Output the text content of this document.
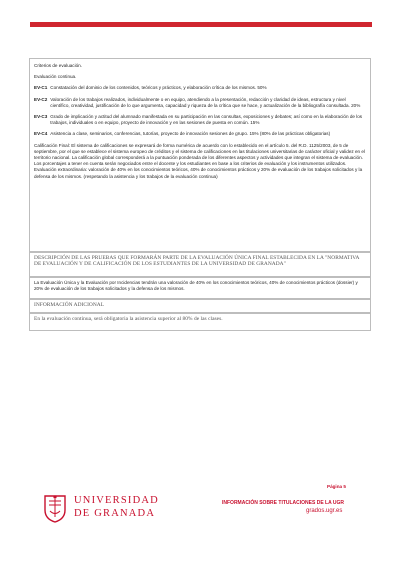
Criterios de evaluación.

Evaluación continua.

EV-C1 Constatación del dominio de los contenidos, teóricos y prácticos, y elaboración crítica de los mismos. 50%
EV-C2 Valoración de los trabajos realizados, individualmente o en equipo, atendiendo a la presentación, redacción y claridad de ideas, estructura y nivel científico, creatividad, justificación de lo que argumenta, capacidad y riqueza de la crítica que se hace, y actualización de la bibliografía consultada. 20%
EV-C3 Grado de implicación y actitud del alumnado manifestada en su participación en las consultas, exposiciones y debates; así como en la elaboración de los trabajos, individuales o en equipo, proyecto de innovación y en las sesiones de puesta en común. 15%
EV-C4 Asistencia a clase, seminarios, conferencias, tutorías, proyecto de innovación sesiones de grupo. 15% (80% de las prácticas obligatorias)

Calificación Final: El sistema de calificaciones se expresará de forma numérica de acuerdo con lo establecido en el artículo 5. del R.D. 1125/2003, de 5 de septiembre, por el que se establece el sistema europeo de créditos y el sistema de calificaciones en las titulaciones universitarias de carácter oficial y validez en el territorio nacional. La calificación global corresponderá a la puntuación ponderada de los diferentes aspectos y actividades que integran el sistema de evaluación. Los porcentajes a tener en cuenta serán negociados entre el docente y los estudiantes en base a los criterios de evaluación y los instrumentos utilizados.

Evaluación extraordinaria: valoración de 40% en los conocimientos teóricos, 40% de conocimientos prácticos y 20% de evaluación de los trabajos solicitados y la defensa de los mismos. (respetando la asistencia y los trabajos de la evaluación continua)

DESCRIPCIÓN DE LAS PRUEBAS QUE FORMARÁN PARTE DE LA EVALUACIÓN ÚNICA FINAL ESTABLECIDA EN LA "NORMATIVA DE EVALUACIÓN Y DE CALIFICACIÓN DE LOS ESTUDIANTES DE LA UNIVERSIDAD DE GRANADA"

La Evaluación Única y la Evaluación por Incidencias tendrán una valoración de 40% en los conocimientos teóricos, 40% de conocimientos prácticos (dossier) y 20% de evaluación de los trabajos solicitados y la defensa de los mismos.

INFORMACIÓN ADICIONAL

En la evaluación continua, será obligatoria la asistencia superior al 80% de las clases.

UNIVERSIDAD
DE GRANADA
Página 5
INFORMACIÓN SOBRE TITULACIONES DE LA UGR
grados.ugr.es
